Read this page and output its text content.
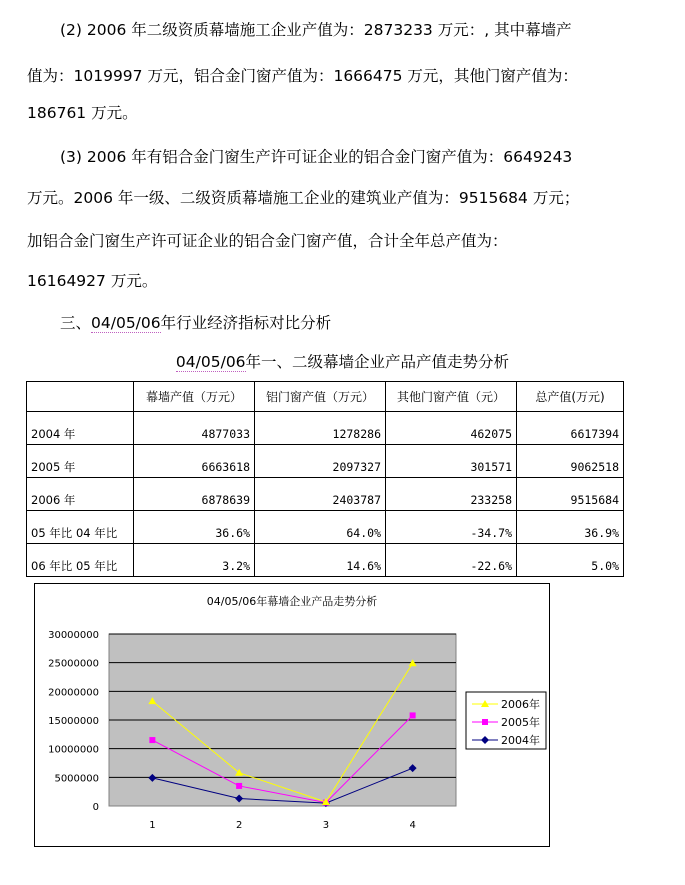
(2) 2006 年二级资质幕墙施工企业产值为：2873233 万元：, 其中幕墙产
值为：1019997 万元，铝合金门窗产值为：1666475 万元，其他门窗产值为：
186761 万元。
(3) 2006 年有铝合金门窗生产许可证企业的铝合金门窗产值为：6649243
万元。2006 年一级、二级资质幕墙施工企业的建筑业产值为：9515684 万元；
加铝合金门窗生产许可证企业的铝合金门窗产值，合计全年总产值为：
16164927 万元。
三、04/05/06年行业经济指标对比分析
04/05/06年一、二级幕墙企业产品产值走势分析
	幕墙产值（万元）	铝门窗产值（万元）	其他门窗产值（元）	总产值(万元)
2004 年	4877033	1278286	462075	6617394
2005 年	6663618	2097327	301571	9062518
2006 年	6878639	2403787	233258	9515684
05 年比 04 年比	36.6%	64.0%	-34.7%	36.9%
06 年比 05 年比	3.2%	14.6%	-22.6%	5.0%
04/05/06年幕墙企业产品走势分析
0
5000000
10000000
15000000
20000000
25000000
30000000
1	2	3	4
2006年
2005年
2004年
